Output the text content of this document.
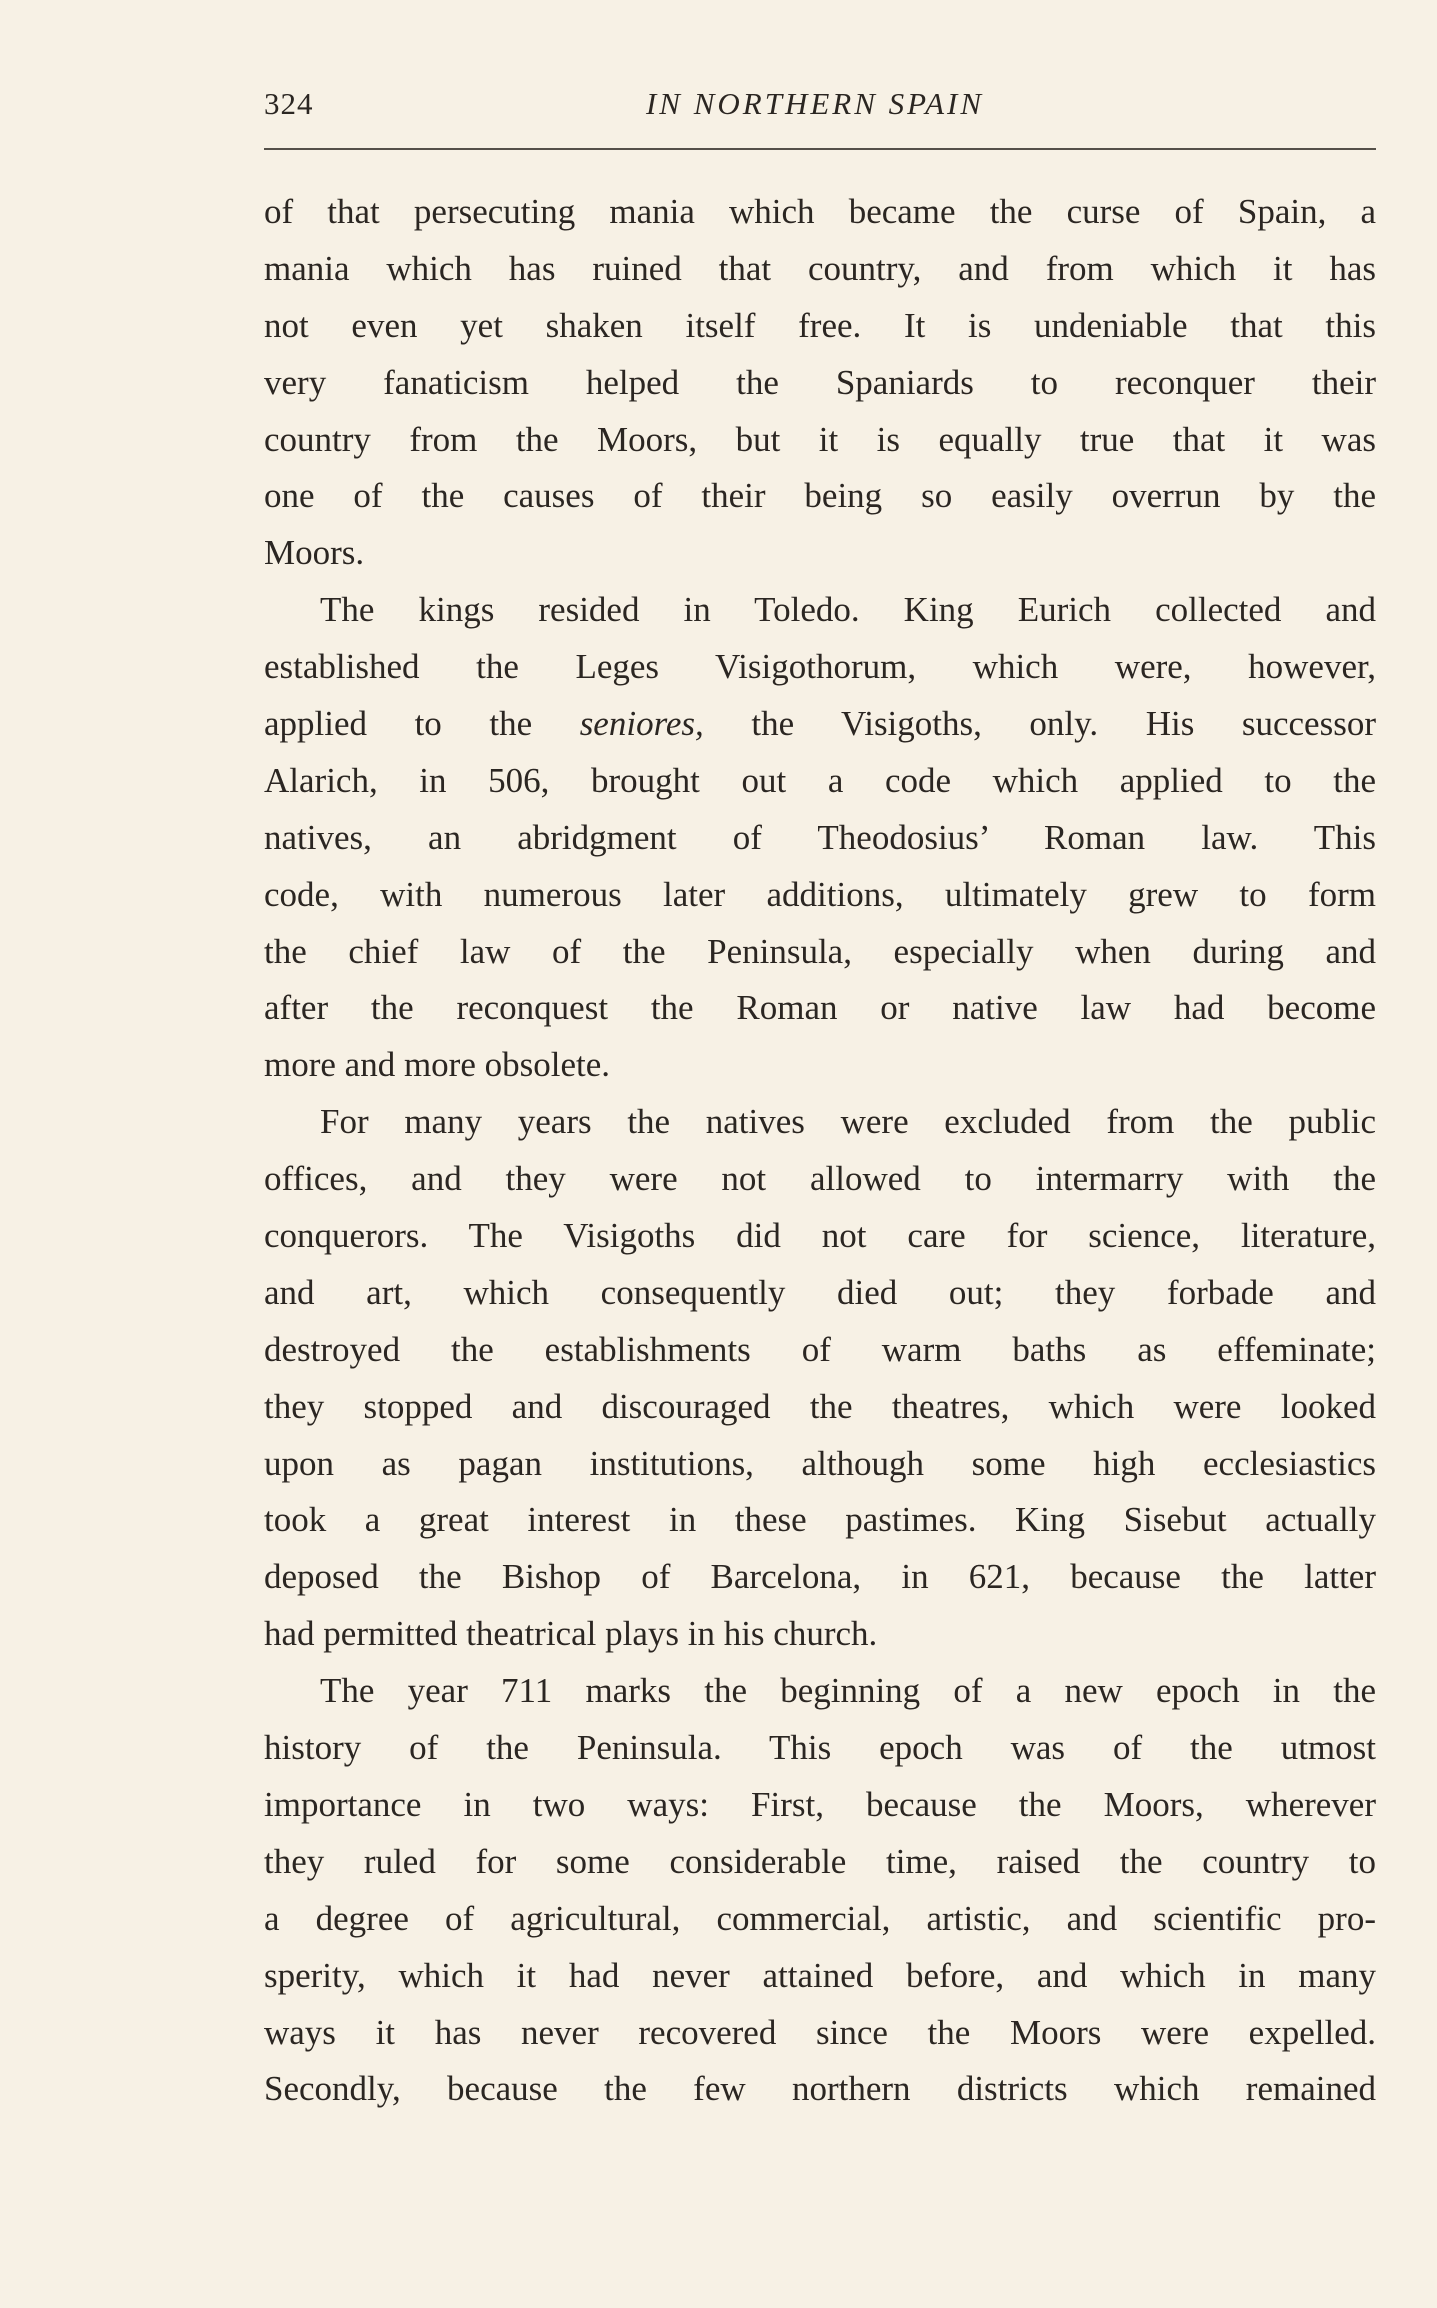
324	IN NORTHERN SPAIN
of that persecuting mania which became the curse of Spain, a
mania which has ruined that country, and from which it has
not even yet shaken itself free. It is undeniable that this
very fanaticism helped the Spaniards to reconquer their
country from the Moors, but it is equally true that it was
one of the causes of their being so easily overrun by the
Moors.
The kings resided in Toledo. King Eurich collected and
established the Leges Visigothorum, which were, however,
applied to the seniores, the Visigoths, only. His successor
Alarich, in 506, brought out a code which applied to the
natives, an abridgment of Theodosius’ Roman law. This
code, with numerous later additions, ultimately grew to form
the chief law of the Peninsula, especially when during and
after the reconquest the Roman or native law had become
more and more obsolete.
For many years the natives were excluded from the public
offices, and they were not allowed to intermarry with the
conquerors. The Visigoths did not care for science, literature,
and art, which consequently died out; they forbade and
destroyed the establishments of warm baths as effeminate;
they stopped and discouraged the theatres, which were looked
upon as pagan institutions, although some high ecclesiastics
took a great interest in these pastimes. King Sisebut actually
deposed the Bishop of Barcelona, in 621, because the latter
had permitted theatrical plays in his church.
The year 711 marks the beginning of a new epoch in the
history of the Peninsula. This epoch was of the utmost
importance in two ways: First, because the Moors, wherever
they ruled for some considerable time, raised the country to
a degree of agricultural, commercial, artistic, and scientific pro-
sperity, which it had never attained before, and which in many
ways it has never recovered since the Moors were expelled.
Secondly, because the few northern districts which remained
